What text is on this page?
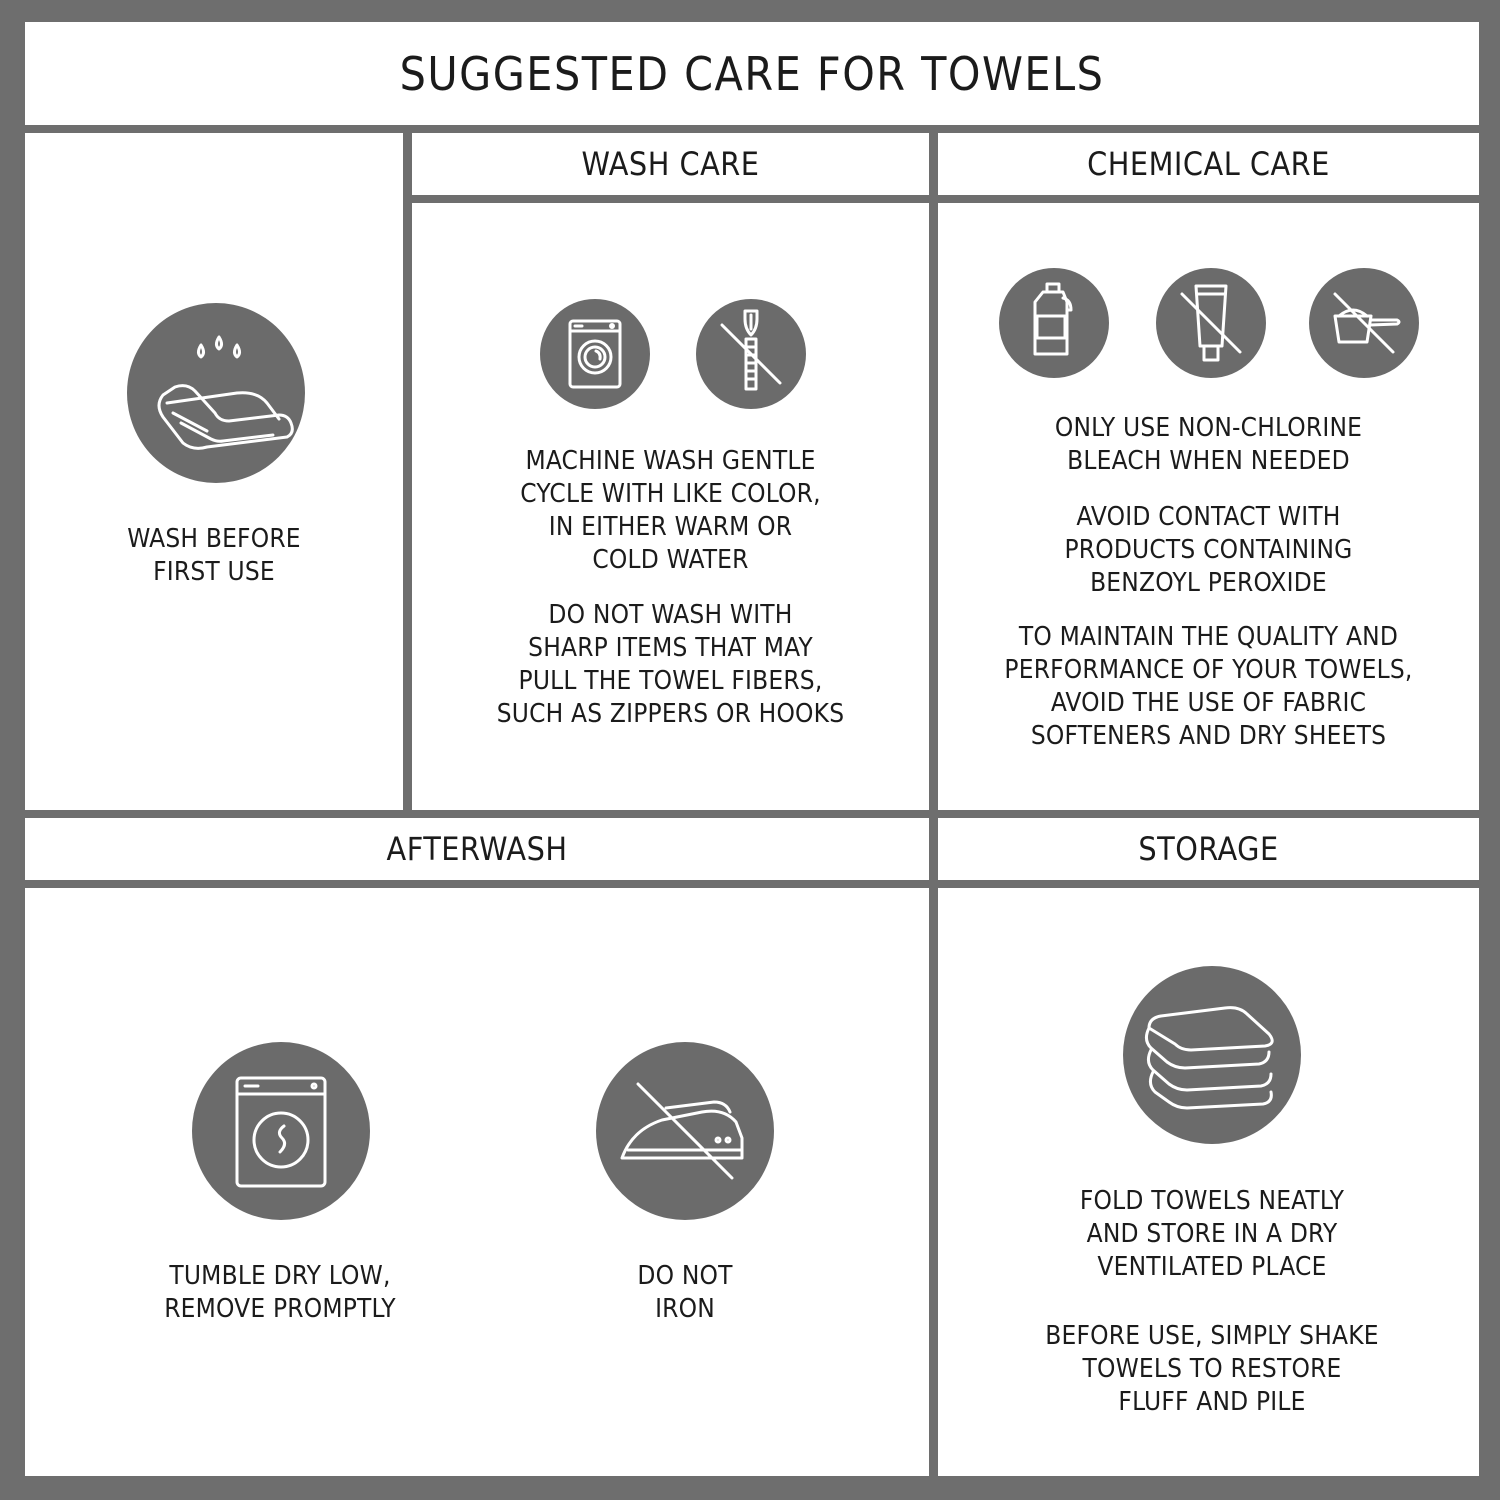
SUGGESTED CARE FOR TOWELS
WASH BEFORE
FIRST USE
WASH CARE
MACHINE WASH GENTLE
CYCLE WITH LIKE COLOR,
IN EITHER WARM OR
COLD WATER
DO NOT WASH WITH
SHARP ITEMS THAT MAY
PULL THE TOWEL FIBERS,
SUCH AS ZIPPERS OR HOOKS
CHEMICAL CARE
ONLY USE NON-CHLORINE
BLEACH WHEN NEEDED
AVOID CONTACT WITH
PRODUCTS CONTAINING
BENZOYL PEROXIDE
TO MAINTAIN THE QUALITY AND
PERFORMANCE OF YOUR TOWELS,
AVOID THE USE OF FABRIC
SOFTENERS AND DRY SHEETS
AFTERWASH
TUMBLE DRY LOW,
REMOVE PROMPTLY
DO NOT
IRON
STORAGE
FOLD TOWELS NEATLY
AND STORE IN A DRY
VENTILATED PLACE
BEFORE USE, SIMPLY SHAKE
TOWELS TO RESTORE
FLUFF AND PILE
